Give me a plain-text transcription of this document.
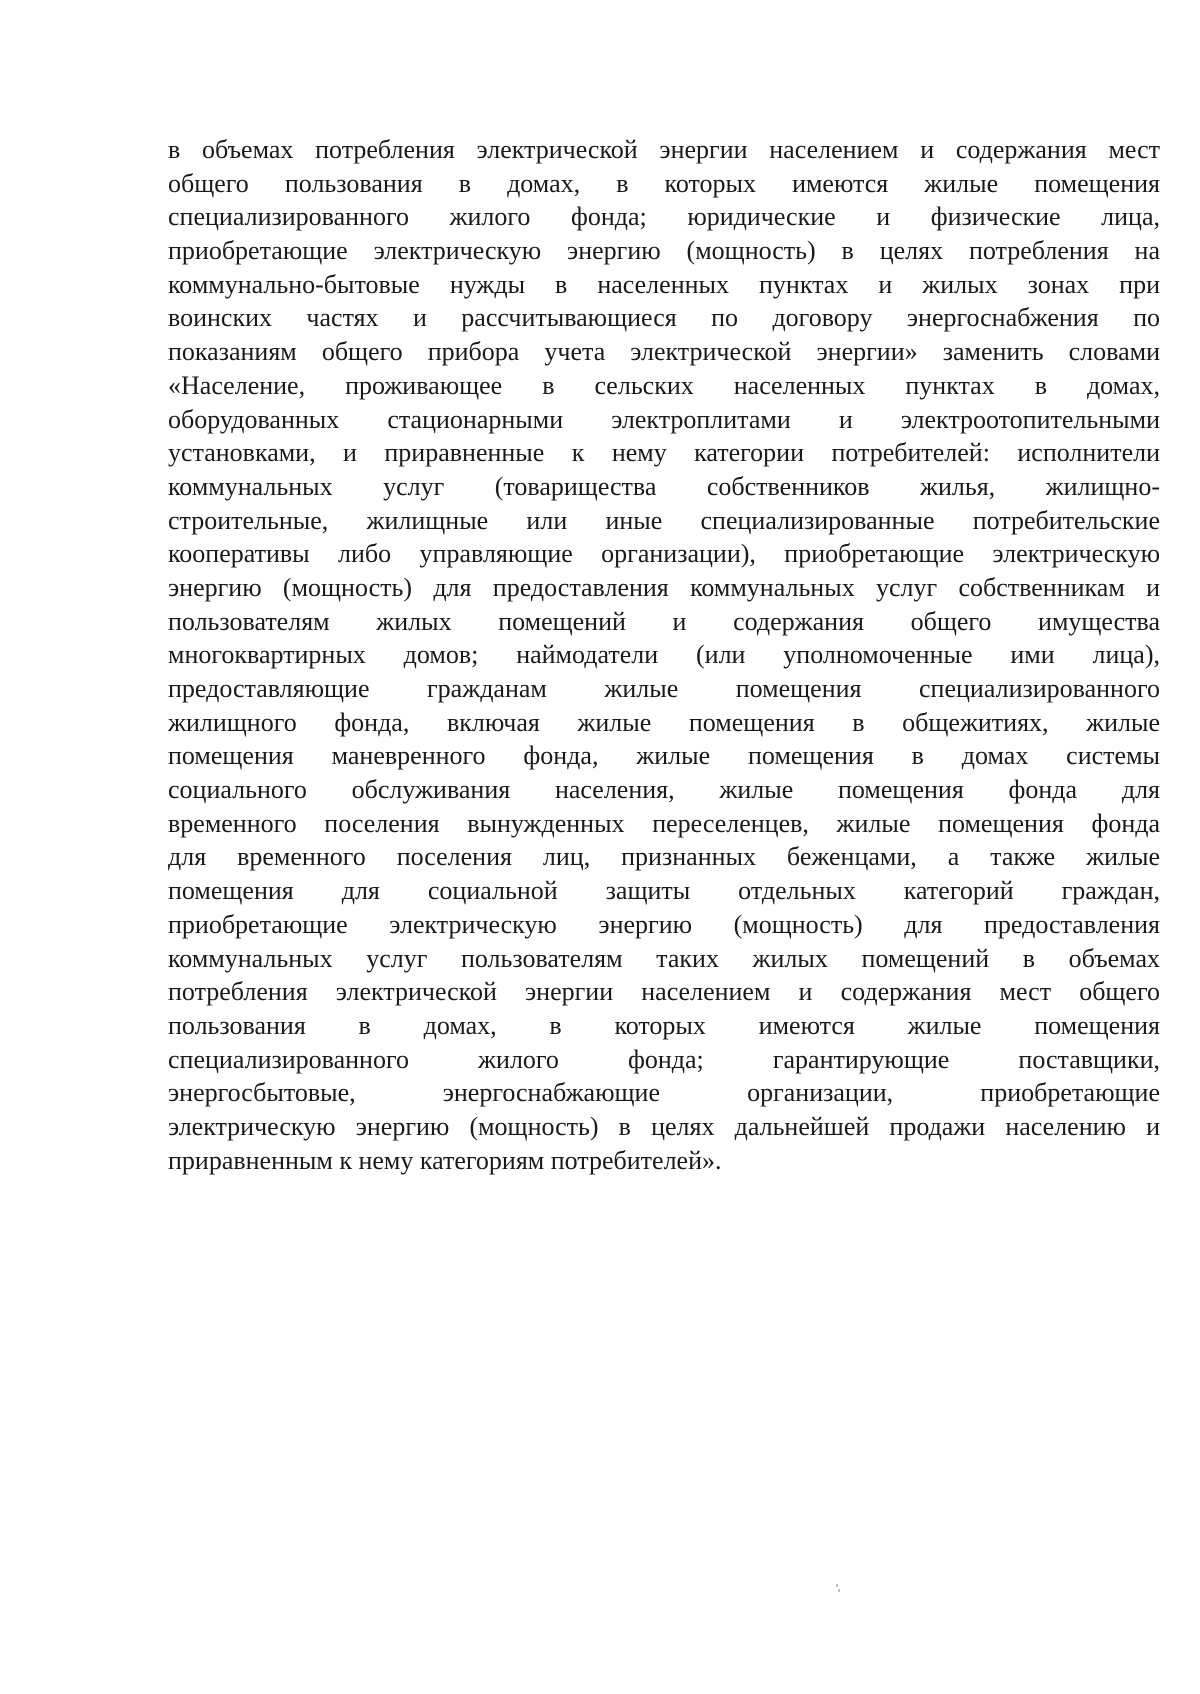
в объемах потребления электрической энергии населением и содержания мест
общего пользования в домах, в которых имеются жилые помещения
специализированного жилого фонда; юридические и физические лица,
приобретающие электрическую энергию (мощность) в целях потребления на
коммунально-бытовые нужды в населенных пунктах и жилых зонах при
воинских частях и рассчитывающиеся по договору энергоснабжения по
показаниям общего прибора учета электрической энергии» заменить словами
«Население, проживающее в сельских населенных пунктах в домах,
оборудованных стационарными электроплитами и электроотопительными
установками, и приравненные к нему категории потребителей: исполнители
коммунальных услуг (товарищества собственников жилья, жилищно-
строительные, жилищные или иные специализированные потребительские
кооперативы либо управляющие организации), приобретающие электрическую
энергию (мощность) для предоставления коммунальных услуг собственникам и
пользователям жилых помещений и содержания общего имущества
многоквартирных домов; наймодатели (или уполномоченные ими лица),
предоставляющие гражданам жилые помещения специализированного
жилищного фонда, включая жилые помещения в общежитиях, жилые
помещения маневренного фонда, жилые помещения в домах системы
социального обслуживания населения, жилые помещения фонда для
временного поселения вынужденных переселенцев, жилые помещения фонда
для временного поселения лиц, признанных беженцами, а также жилые
помещения для социальной защиты отдельных категорий граждан,
приобретающие электрическую энергию (мощность) для предоставления
коммунальных услуг пользователям таких жилых помещений в объемах
потребления электрической энергии населением и содержания мест общего
пользования в домах, в которых имеются жилые помещения
специализированного жилого фонда; гарантирующие поставщики,
энергосбытовые, энергоснабжающие организации, приобретающие
электрическую энергию (мощность) в целях дальнейшей продажи населению и
приравненным к нему категориям потребителей».
